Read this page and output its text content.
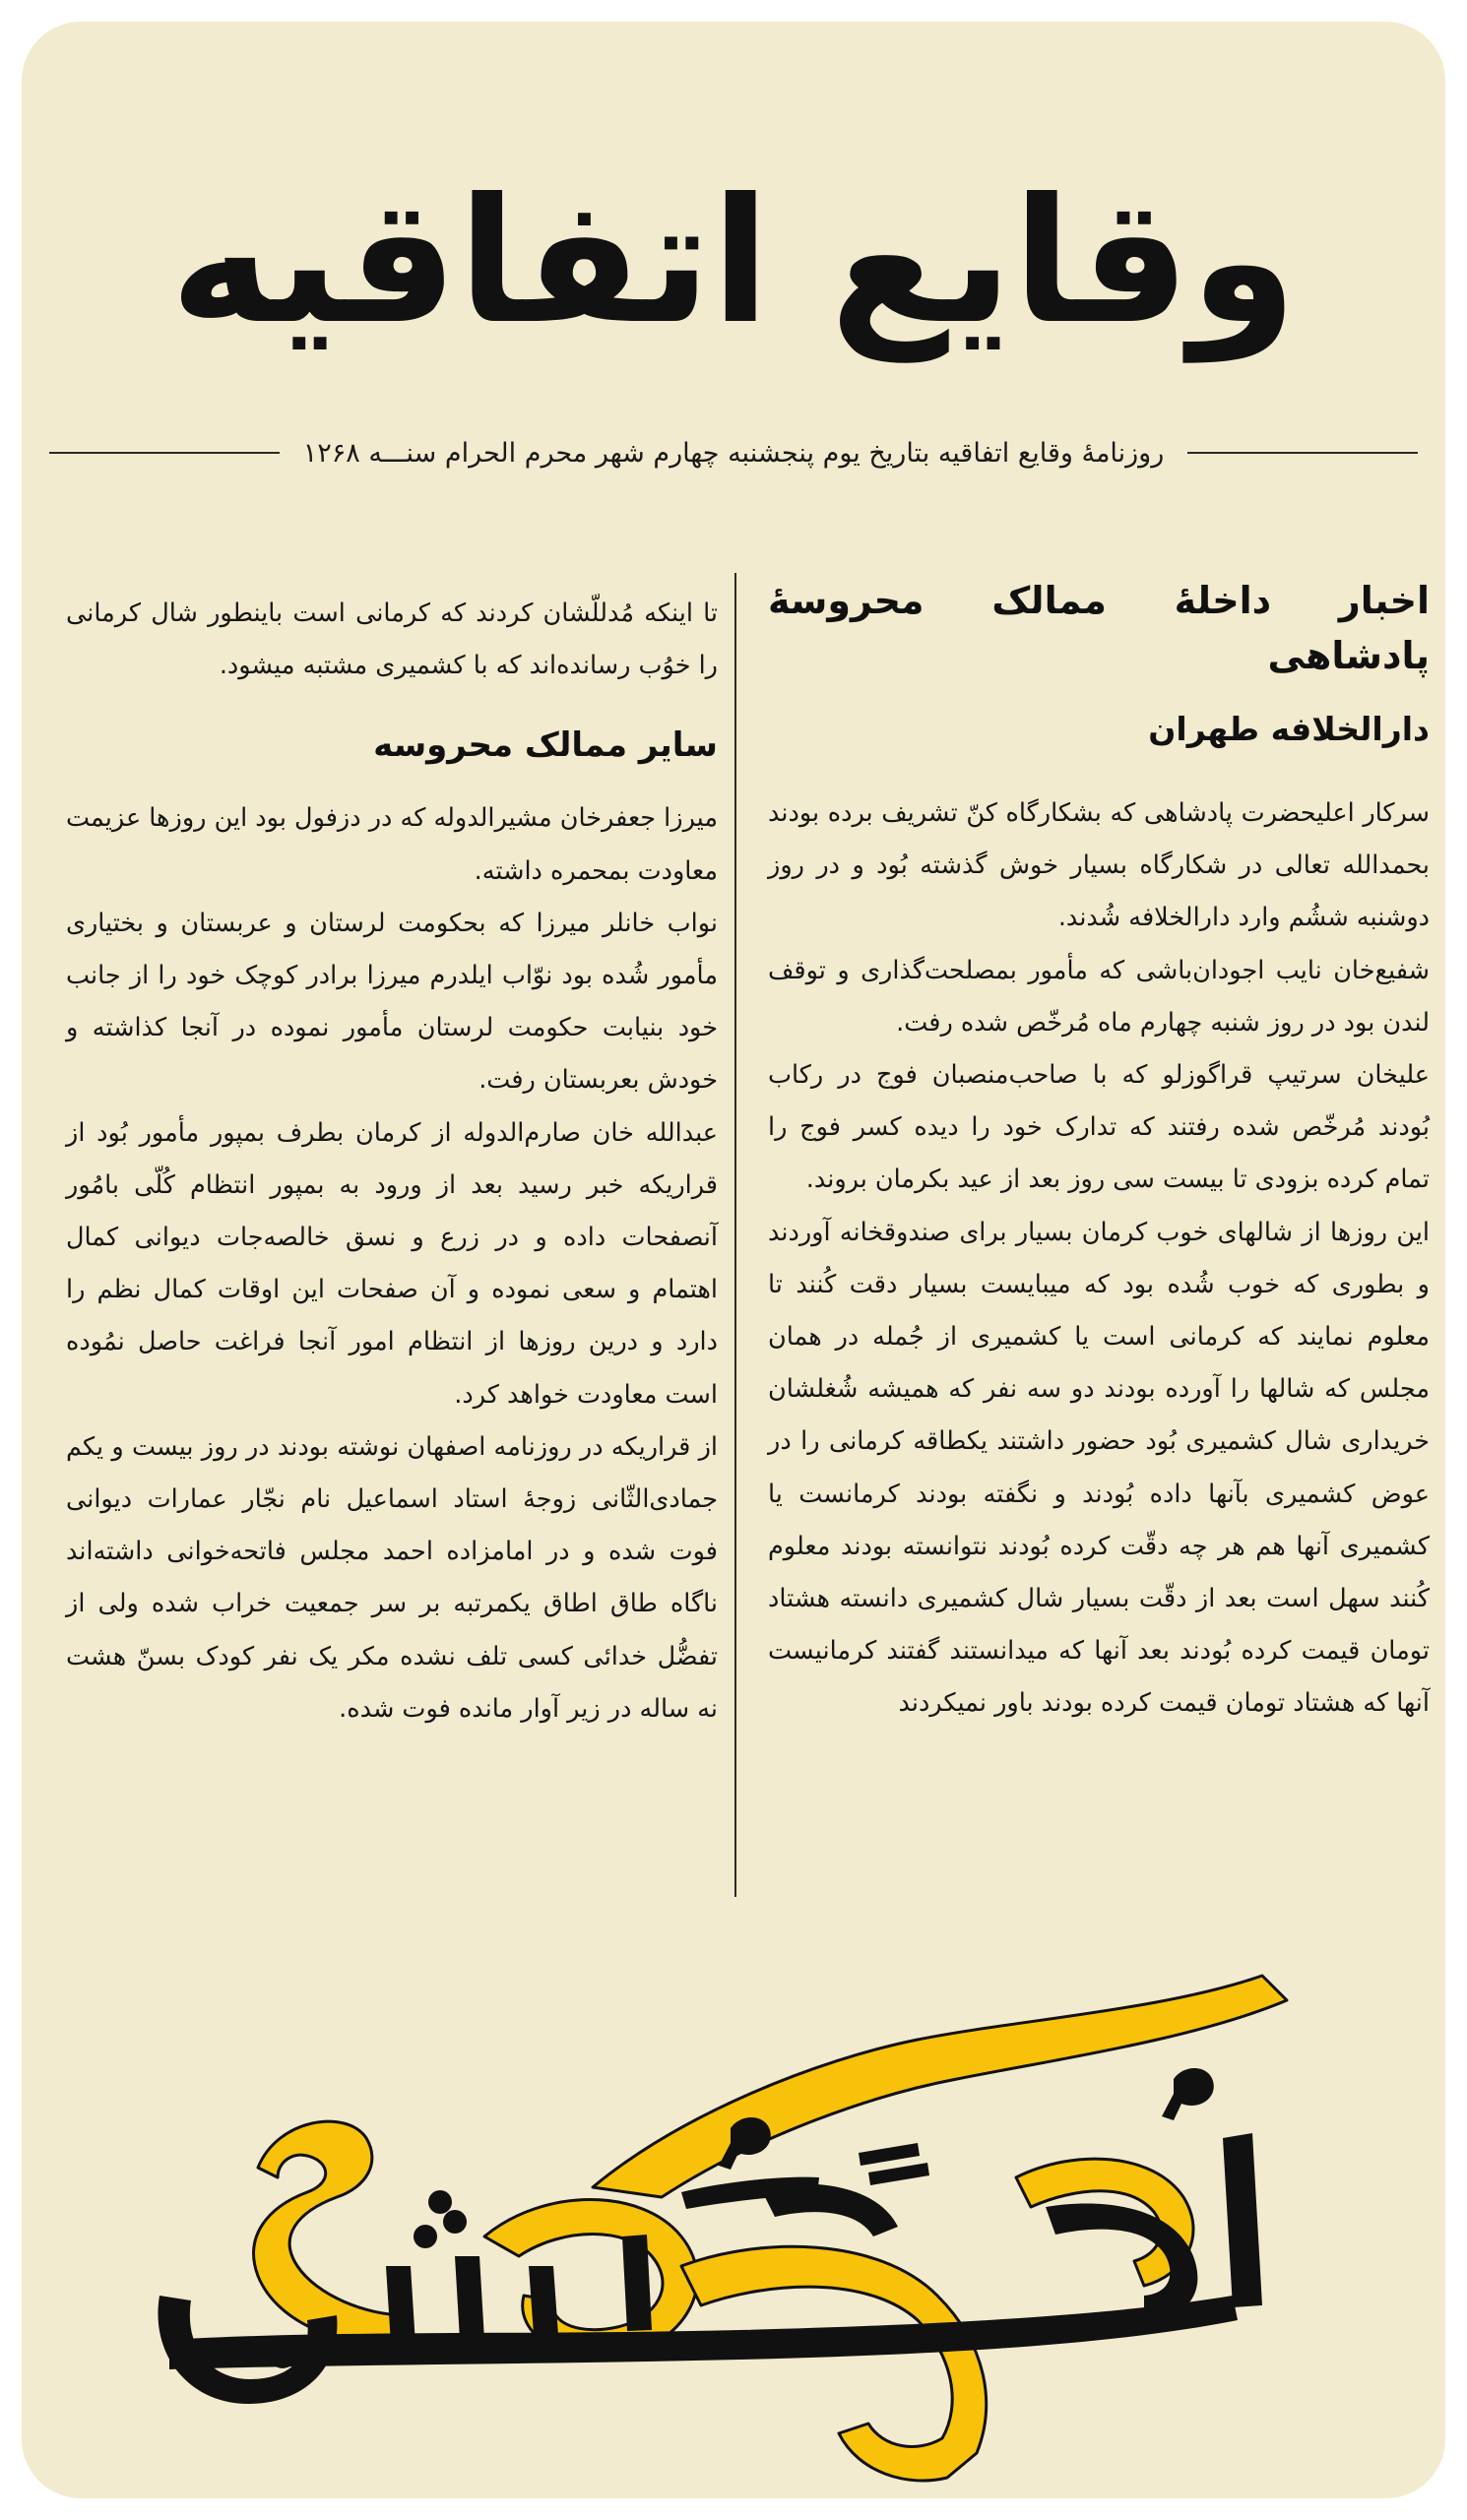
وقایع اتفاقیه
روزنامهٔ وقایع اتفاقیه بتاریخ یوم پنجشنبه چهارم شهر محرم الحرام سنـــه ۱۲۶۸
اخبار داخلهٔ ممالک محروسهٔ پادشاهی
دارالخلافه طهران

سرکار اعلیحضرت پادشاهی که بشکارگاه کنّ تشریف برده بودند بحمدالله تعالی در شکارگاه بسیار خوش گذشته بُود و در روز دوشنبه ششُم وارد دارالخلافه شُدند.

شفیع‌خان نایب اجودان‌باشی که مأمور بمصلحت‌گذاری و توقف لندن بود در روز شنبه چهارم ماه مُرخّص شده رفت.

علیخان سرتیپ قراگوزلو که با صاحب‌منصبان فوج در رکاب بُودند مُرخّص شده رفتند که تدارک خود را دیده کسر فوج را تمام کرده بزودی تا بیست سی روز بعد از عید بکرمان بروند.

این روزها از شالهای خوب کرمان بسیار برای صندوقخانه آوردند و بطوری که خوب شُده بود که میبایست بسیار دقت کُنند تا معلوم نمایند که کرمانی است یا کشمیری از جُمله در همان مجلس که شالها را آورده بودند دو سه نفر که همیشه شُغلشان خریداری شال کشمیری بُود حضور داشتند یکطاقه کرمانی را در عوض کشمیری بآنها داده بُودند و نگفته بودند کرمانست یا کشمیری آنها هم هر چه دقّت کرده بُودند نتوانسته بودند معلوم کُنند سهل است بعد از دقّت بسیار شال کشمیری دانسته هشتاد تومان قیمت کرده بُودند بعد آنها که میدانستند گفتند کرمانیست آنها که هشتاد تومان قیمت کرده بودند باور نمیکردند

تا اینکه مُدللّشان کردند که کرمانی است باینطور شال کرمانی را خوُب رسانده‌اند که با کشمیری مشتبه میشود.

سایر ممالک محروسه

میرزا جعفرخان مشیرالدوله که در دزفول بود این روزها عزیمت معاودت بمحمره داشته.

نواب خانلر میرزا که بحکومت لرستان و عربستان و بختیاری مأمور شُده بود نوّاب ایلدرم میرزا برادر کوچک خود را از جانب خود بنیابت حکومت لرستان مأمور نموده در آنجا کذاشته و خودش بعربستان رفت.

عبدالله خان صارم‌الدوله از کرمان بطرف بمپور مأمور بُود از قراریکه خبر رسید بعد از ورود به بمپور انتظام کُلّی بامُور آنصفحات داده و در زرع و نسق خالصه‌جات دیوانی کمال اهتمام و سعی نموده و آن صفحات این اوقات کمال نظم را دارد و درین روزها از انتظام امور آنجا فراغت حاصل نمُوده است معاودت خواهد کرد.

از قراریکه در روزنامه اصفهان نوشته بودند در روز بیست و یکم جمادی‌الثّانی زوجهٔ استاد اسماعیل نام نجّار عمارات دیوانی فوت شده و در امامزاده احمد مجلس فاتحه‌خوانی داشته‌اند ناگاه طاق اطاق یکمرتبه بر سر جمعیت خراب شده ولی از تفضُّل خدائی کسی تلف نشده مکر یک نفر کودک بسنّ هشت نه ساله در زیر آوار مانده فوت شده.
